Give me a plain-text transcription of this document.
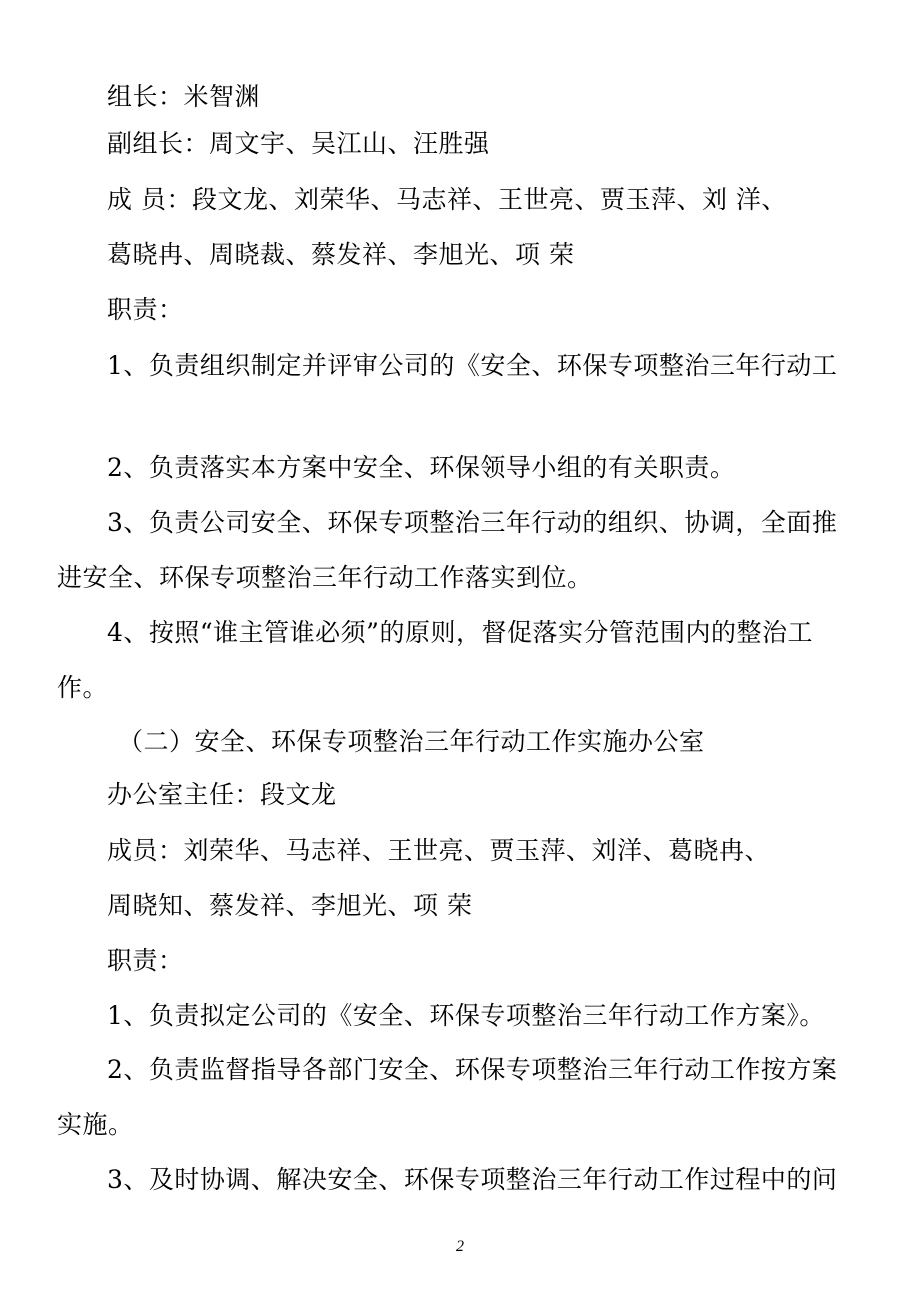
组长：米智渊
副组长：周文宇、吴江山、汪胜强
成 员：段文龙、刘荣华、马志祥、王世亮、贾玉萍、刘 洋、
葛晓冉、周晓裁、蔡发祥、李旭光、项 荣
职责：
1、负责组织制定并评审公司的《安全、环保专项整治三年行动工
2、负责落实本方案中安全、环保领导小组的有关职责。
3、负责公司安全、环保专项整治三年行动的组织、协调，全面推
进安全、环保专项整治三年行动工作落实到位。
4、按照“谁主管谁必须”的原则，督促落实分管范围内的整治工
作。
（二）安全、环保专项整治三年行动工作实施办公室
办公室主任：段文龙
成员：刘荣华、马志祥、王世亮、贾玉萍、刘洋、葛晓冉、
周晓知、蔡发祥、李旭光、项 荣
职责：
1、负责拟定公司的《安全、环保专项整治三年行动工作方案》。
2、负责监督指导各部门安全、环保专项整治三年行动工作按方案
实施。
3、及时协调、解决安全、环保专项整治三年行动工作过程中的问
2
